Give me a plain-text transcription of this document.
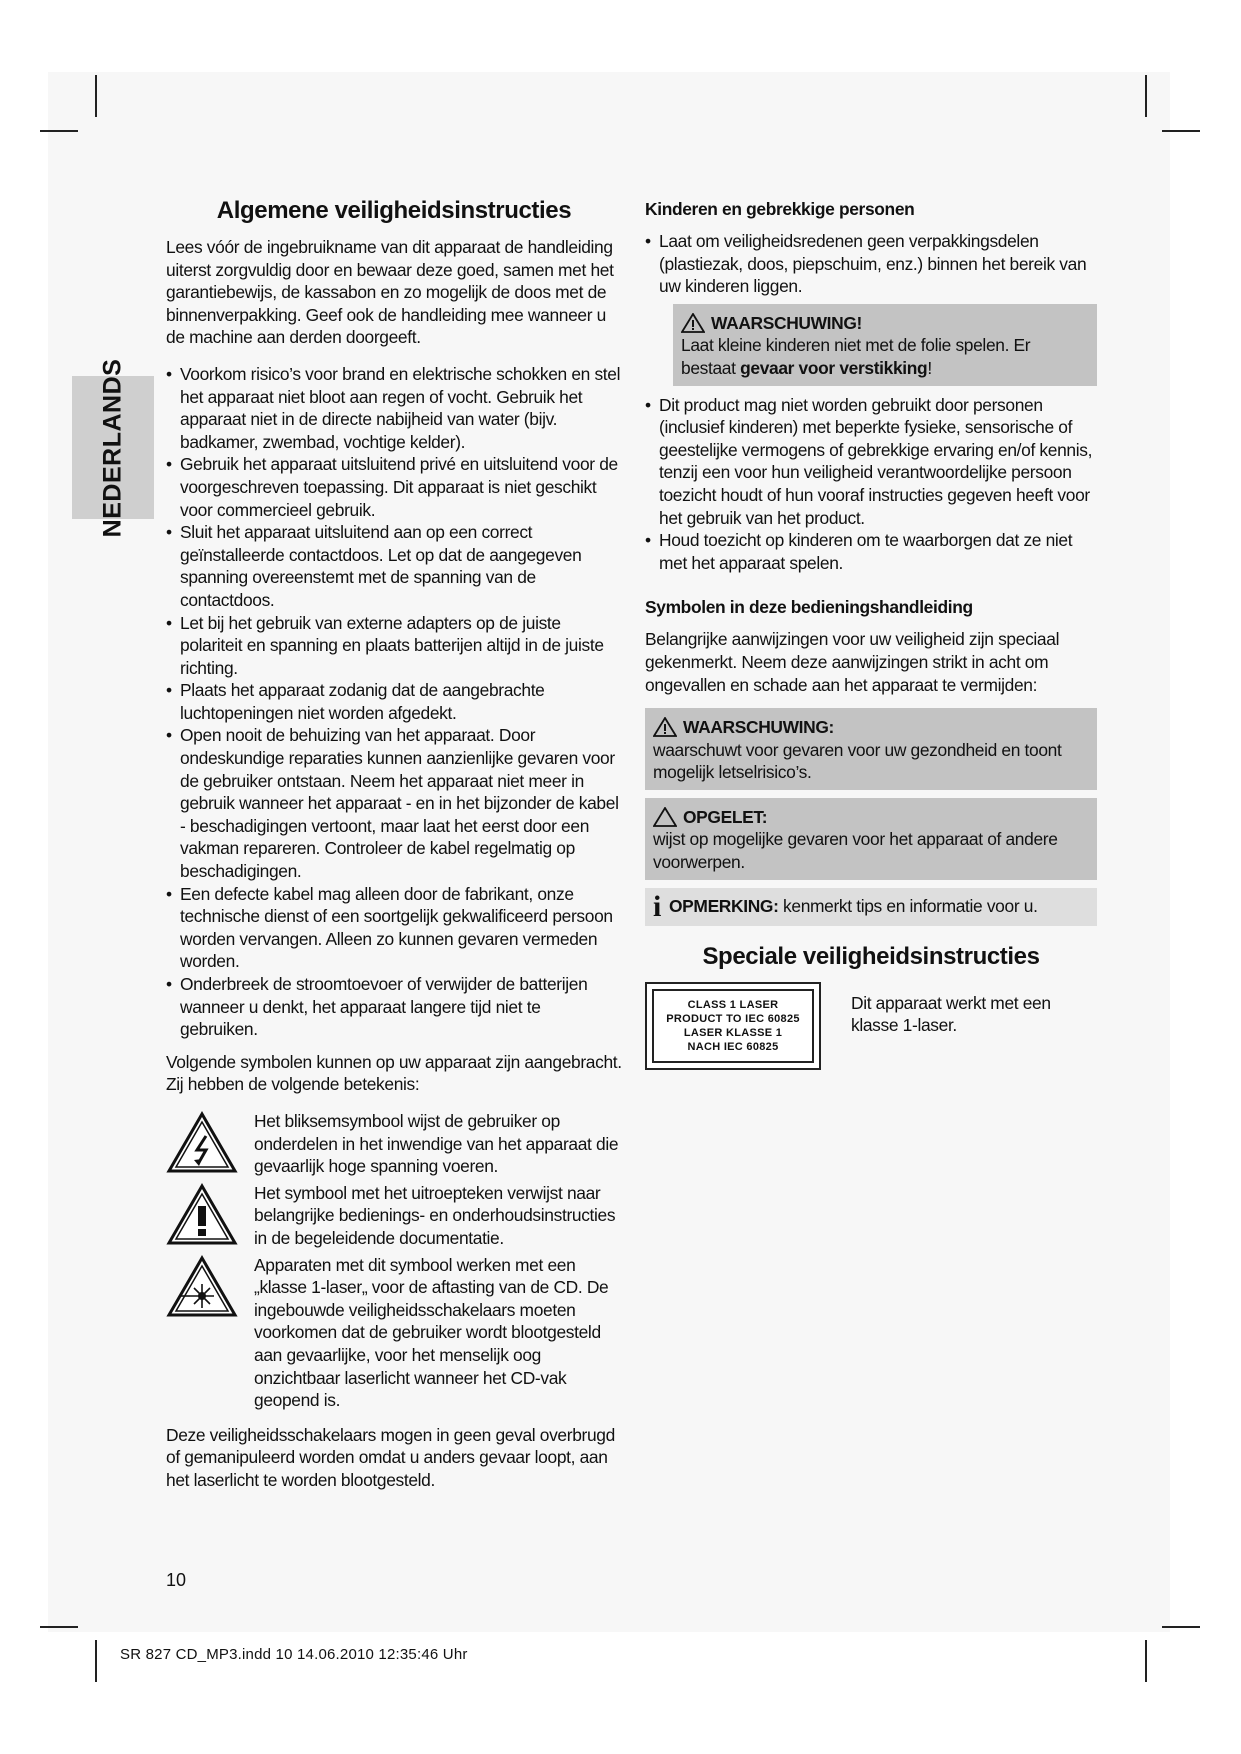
NEDERLANDS
Algemene veiligheidsinstructies

Lees vóór de ingebruikname van dit apparaat de handleiding uiterst zorgvuldig door en bewaar deze goed, samen met het garantiebewijs, de kassabon en zo mogelijk de doos met de binnenverpakking. Geef ook de handleiding mee wanneer u de machine aan derden doorgeeft.

• Voorkom risico’s voor brand en elektrische schokken en stel het apparaat niet bloot aan regen of vocht. Gebruik het apparaat niet in de directe nabijheid van water (bijv. badkamer, zwembad, vochtige kelder).
• Gebruik het apparaat uitsluitend privé en uitsluitend voor de voorgeschreven toepassing. Dit apparaat is niet geschikt voor commercieel gebruik.
• Sluit het apparaat uitsluitend aan op een correct geïnstalleerde contactdoos. Let op dat de aangegeven spanning overeenstemt met de spanning van de contactdoos.
• Let bij het gebruik van externe adapters op de juiste polariteit en spanning en plaats batterijen altijd in de juiste richting.
• Plaats het apparaat zodanig dat de aangebrachte luchtopeningen niet worden afgedekt.
• Open nooit de behuizing van het apparaat. Door ondeskundige reparaties kunnen aanzienlijke gevaren voor de gebruiker ontstaan. Neem het apparaat niet meer in gebruik wanneer het apparaat - en in het bijzonder de kabel - beschadigingen vertoont, maar laat het eerst door een vakman repareren. Controleer de kabel regelmatig op beschadigingen.
• Een defecte kabel mag alleen door de fabrikant, onze technische dienst of een soortgelijk gekwalificeerd persoon worden vervangen. Alleen zo kunnen gevaren vermeden worden.
• Onderbreek de stroomtoevoer of verwijder de batterijen wanneer u denkt, het apparaat langere tijd niet te gebruiken.

Volgende symbolen kunnen op uw apparaat zijn aangebracht. Zij hebben de volgende betekenis:

Het bliksemsymbool wijst de gebruiker op onderdelen in het inwendige van het apparaat die gevaarlijk hoge spanning voeren.
Het symbool met het uitroepteken verwijst naar belangrijke bedienings- en onderhoudsinstructies in de begeleidende documentatie.
Apparaten met dit symbool werken met een „klasse 1-laser„ voor de aftasting van de CD. De ingebouwde veiligheidsschakelaars moeten voorkomen dat de gebruiker wordt blootgesteld aan gevaarlijke, voor het menselijk oog onzichtbaar laserlicht wanneer het CD-vak geopend is.

Deze veiligheidsschakelaars mogen in geen geval overbrugd of gemanipuleerd worden omdat u anders gevaar loopt, aan het laserlicht te worden blootgesteld.

Kinderen en gebrekkige personen
• Laat om veiligheidsredenen geen verpakkingsdelen (plastiezak, doos, piepschuim, enz.) binnen het bereik van uw kinderen liggen.
WAARSCHUWING!
Laat kleine kinderen niet met de folie spelen. Er bestaat gevaar voor verstikking!
• Dit product mag niet worden gebruikt door personen (inclusief kinderen) met beperkte fysieke, sensorische of geestelijke vermogens of gebrekkige ervaring en/of kennis, tenzij een voor hun veiligheid verantwoordelijke persoon toezicht houdt of hun vooraf instructies gegeven heeft voor het gebruik van het product.
• Houd toezicht op kinderen om te waarborgen dat ze niet met het apparaat spelen.
Symbolen in deze bedieningshandleiding

Belangrijke aanwijzingen voor uw veiligheid zijn speciaal gekenmerkt. Neem deze aanwijzingen strikt in acht om ongevallen en schade aan het apparaat te vermijden:

WAARSCHUWING:
waarschuwt voor gevaren voor uw gezondheid en toont mogelijk letselrisico’s.
OPGELET:
wijst op mogelijke gevaren voor het apparaat of andere voorwerpen.
i OPMERKING: kenmerkt tips en informatie voor u.
Speciale veiligheidsinstructies
CLASS 1 LASER
PRODUCT TO IEC 60825
LASER KLASSE 1
NACH IEC 60825
Dit apparaat werkt met een klasse 1-laser.
10
SR 827 CD_MP3.indd 10 14.06.2010 12:35:46 Uhr
